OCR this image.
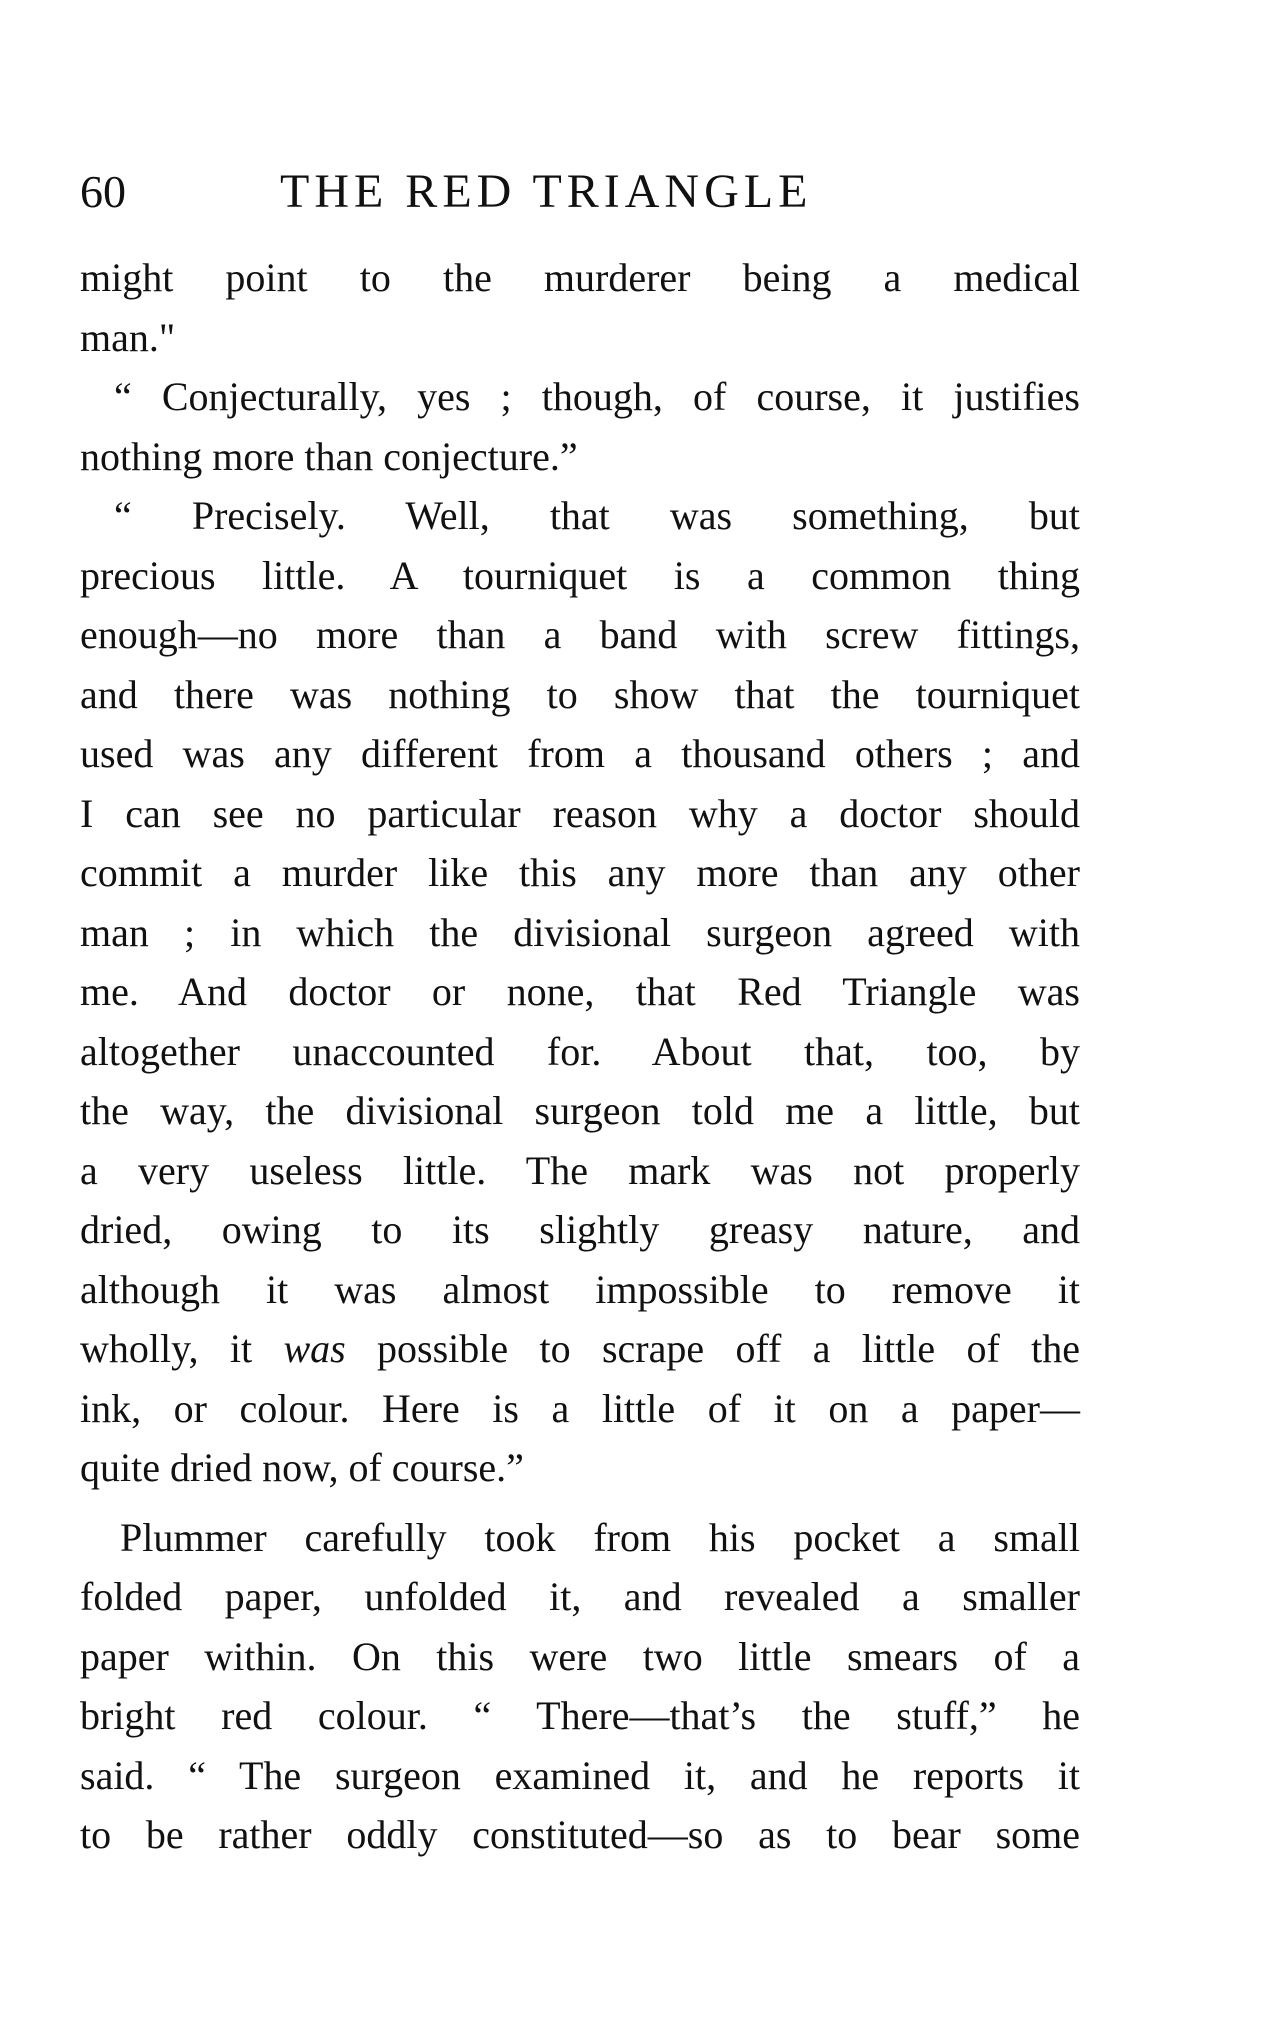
60	THE RED TRIANGLE
might point to the murderer being a medical
man."
“ Conjecturally, yes ; though, of course, it justifies
nothing more than conjecture.”
“ Precisely. Well, that was something, but
precious little. A tourniquet is a common thing
enough—no more than a band with screw fittings,
and there was nothing to show that the tourniquet
used was any different from a thousand others ; and
I can see no particular reason why a doctor should
commit a murder like this any more than any other
man ; in which the divisional surgeon agreed with
me. And doctor or none, that Red Triangle was
altogether unaccounted for. About that, too, by
the way, the divisional surgeon told me a little, but
a very useless little. The mark was not properly
dried, owing to its slightly greasy nature, and
although it was almost impossible to remove it
wholly, it was possible to scrape off a little of the
ink, or colour. Here is a little of it on a paper—
quite dried now, of course.”
Plummer carefully took from his pocket a small
folded paper, unfolded it, and revealed a smaller
paper within. On this were two little smears of a
bright red colour. “ There—that’s the stuff,” he
said. “ The surgeon examined it, and he reports it
to be rather oddly constituted—so as to bear some
